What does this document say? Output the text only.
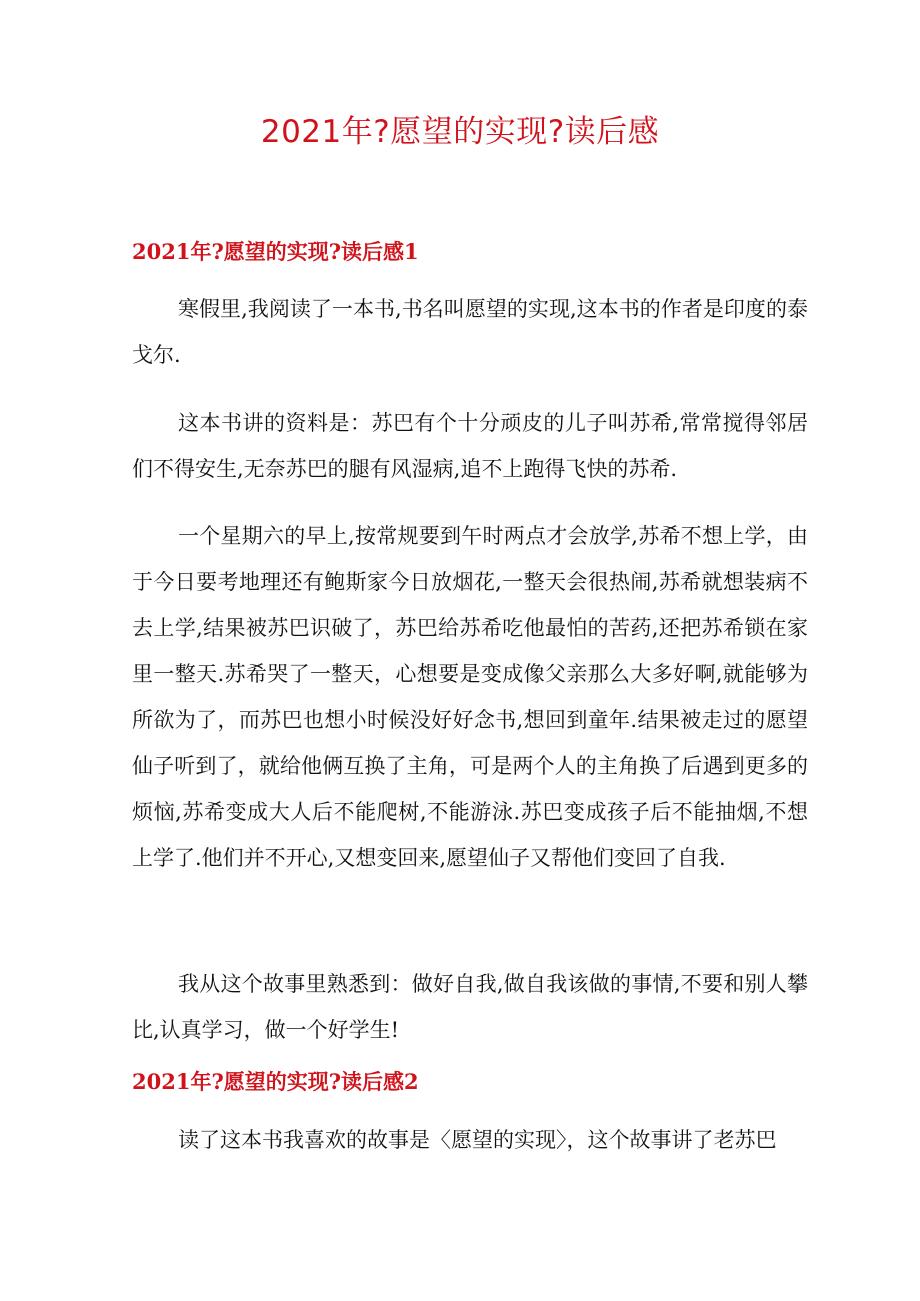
2021年?愿望的实现?读后感
2021年?愿望的实现?读后感1

寒假里,我阅读了一本书,书名叫愿望的实现,这本书的作者是印度的泰戈尔.

这本书讲的资料是：苏巴有个十分顽皮的儿子叫苏希,常常搅得邻居们不得安生,无奈苏巴的腿有风湿病,追不上跑得飞快的苏希.

一个星期六的早上,按常规要到午时两点才会放学,苏希不想上学，由于今日要考地理还有鲍斯家今日放烟花,一整天会很热闹,苏希就想装病不去上学,结果被苏巴识破了，苏巴给苏希吃他最怕的苦药,还把苏希锁在家里一整天.苏希哭了一整天，心想要是变成像父亲那么大多好啊,就能够为所欲为了，而苏巴也想小时候没好好念书,想回到童年.结果被走过的愿望仙子听到了，就给他俩互换了主角，可是两个人的主角换了后遇到更多的烦恼,苏希变成大人后不能爬树,不能游泳.苏巴变成孩子后不能抽烟,不想上学了.他们并不开心,又想变回来,愿望仙子又帮他们变回了自我.

我从这个故事里熟悉到：做好自我,做自我该做的事情,不要和别人攀比,认真学习，做一个好学生!

2021年?愿望的实现?读后感2

读了这本书我喜欢的故事是〈愿望的实现〉，这个故事讲了老苏巴
